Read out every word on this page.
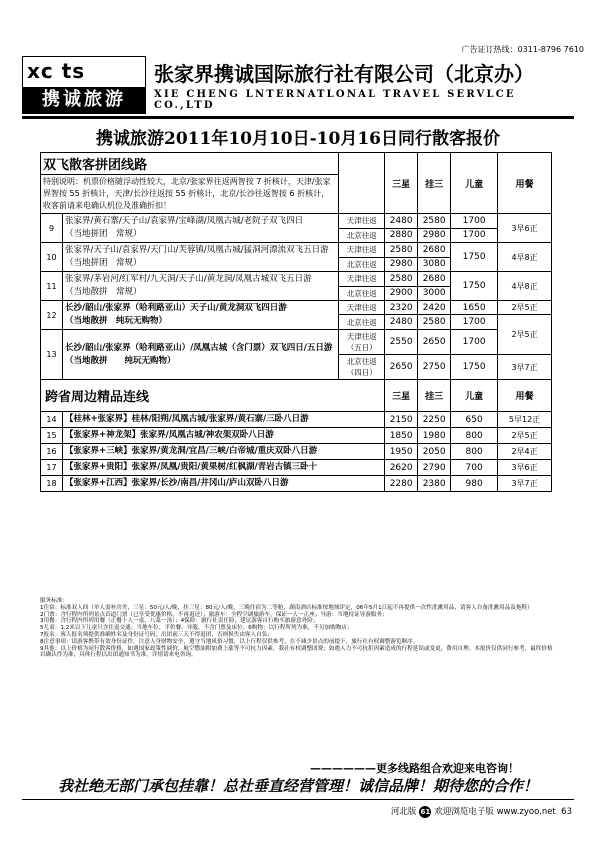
广告证订热线：0311-8796 7610
xc ts
携诚旅游
张家界携诚国际旅行社有限公司（北京办）
XIE CHENG LNTERNATLONAL TRAVEL SERVLCE CO.,LTD
携诚旅游2011年10月10日-10月16日同行散客报价
双飞散客拼团线路			三星	挂三	儿童	用餐
特别说明：机票价格随浮动性较大，北京/张家界往返两智按 7 折核计，天津/张家界智按 55 折核计，天津/长沙往返按 55 折核计，北京/长沙往返智按 6 折核计，收客前请来电确认机位及准确折扣！						
9	张家界/黄石寨/天子山/袁家界/宝峰湖/凤凰古城/老院子双飞四日
（当地拼团　常规）	天津往返	2480	2580	1700	3早6正
		北京往返	2880	2980	1700	
10	张家界/天子山/袁家界/天门山/芙蓉镇/凤凰古城/猛洞河漂流双飞五日游
（当地拼团　常规）	天津往返	2580	2680	1750	4早8正
		北京往返	2980	3080		
11	张家界/茅岩河/红军村/九天洞/天子山/黄龙洞/凤凰古城双飞五日游
（当地散拼　常规）	天津往返	2580	2680	1750	4早8正
		北京往返	2900	3000		
12	长沙/韶山/张家界（哈利路亚山）天子山/黄龙洞双飞四日游
（当地散拼　纯玩无购物）	天津往返	2320	2420	1650	2早5正
		北京往返	2480	2580	1700	2早5正
13	长沙/韶山/张家界（哈利路亚山）/凤凰古城（含门票）双飞四日/五日游
（当地散拼　　纯玩无购物）	天津往返（五日）	2550	2650	1700	
		北京往返（四日）	2650	2750	1750	3早7正
跨省周边精品连线			三星	挂三	儿童	用餐
14	【桂林+张家界】桂林/阳朔/凤凰古城/张家界/黄石寨/三卧八日游		2150	2250	650	5早12正
15	【张家界+神龙架】张家界/凤凰古城/神农架双卧八日游		1850	1980	800	2早5正
16	【张家界+三峡】张家界/黄龙洞/宜昌/三峡/白帝城/重庆双卧八日游		1950	2050	800	2早4正
17	【张家界+贵阳】张家界/凤凰/贵阳/黄果树/红枫湖/青岩古镇三卧十		2620	2790	700	3早6正
18	【张家界+江西】张家界/长沙/南昌/井冈山/庐山双卧八日游		2280	2380	980	3早7正

服务标准：

1住宿：标准双人间（单人需补房差，三星：50元/人/晚，挂三星：80元/人/晚，三晚住宿为二等舱，湖南酒店标准按地域评定，06年5月1日起不再提供一次性洗漱用品，请客人自备洗漱用品及拖鞋）

2门票：含行程内所列景点首道门票（已享受优惠价格，不再退还）；旅游车：全程空调旅游车，保证一人一正座；导游：当地持证导游服务；

3用餐：含行程内所列用餐（正餐十人一桌，八菜一汤）；4保险：旅行社责任险，建议游客自行购买旅游意外险；

5儿童：1.2米以下儿童只含往返交通、当地车位、半价餐、导服，不含门票及床位；6购物：以行程所列为准，不另加购物店；

7报名：客人报名须提供准确姓名及身份证号码，出团前三天不得退团，否则损失由客人自负；

8注意事项：请游客携带有效身份证件，注意人身财物安全，遵守当地风俗习惯，以上行程仅供参考，在不减少景点的前提下，旅行社有权调整游览顺序。

9其他：以上价格为同行散客价格，如遇国家政策性调价、航空燃油附加费上涨等不可抗力因素，我社有权调整团费；如遇人力不可抗拒因素造成的行程延误或变更，费用自理。本报价仅供同行参考，最终价格以确认件为准，具体行程以出团通知书为准，详情请来电咨询。

——————更多线路组合欢迎来电咨询！
我社绝无部门承包挂靠！总社垂直经营管理！诚信品牌！期待您的合作！
河北版 61 欢迎浏览电子版 www.zyoo.net 63
